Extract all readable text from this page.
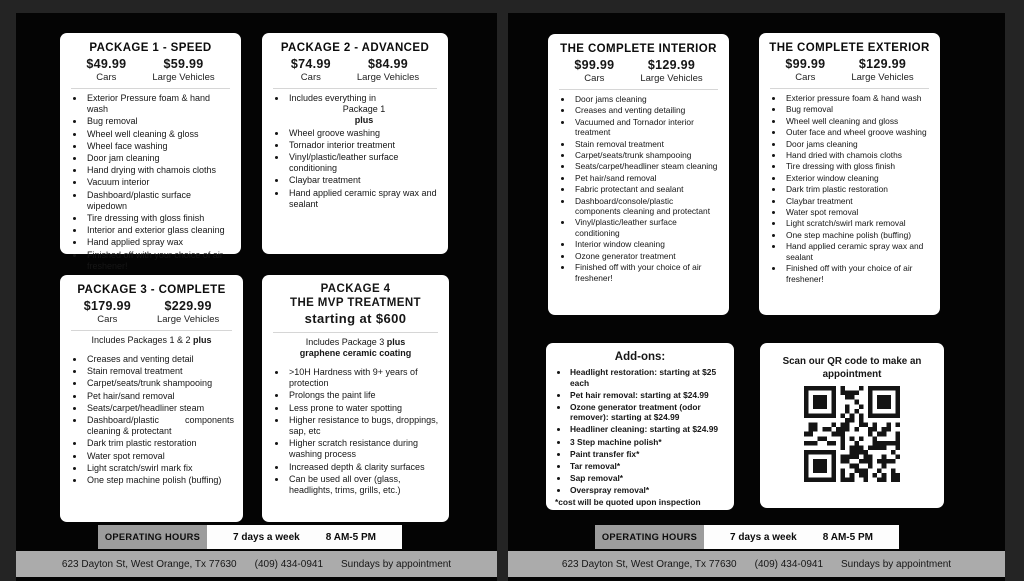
PACKAGE 1 - SPEED
$49.99
Cars
$59.99
Large Vehicles
• Exterior Pressure foam & hand wash
• Bug removal
• Wheel well cleaning & gloss
• Wheel face washing
• Door jam cleaning
• Hand drying with chamois cloths
• Vacuum interior
• Dashboard/plastic surface wipedown
• Tire dressing with gloss finish
• Interior and exterior glass cleaning
• Hand applied spray wax
• Finished off with your choice of air freshener!
PACKAGE 2 - ADVANCED
$74.99
Cars
$84.99
Large Vehicles
• Includes everything in
Package 1
plus
• Wheel groove washing
• Tornador interior treatment
• Vinyl/plastic/leather surface conditioning
• Claybar treatment
• Hand applied ceramic spray wax and sealant
PACKAGE 3 - COMPLETE
$179.99
Cars
$229.99
Large Vehicles
Includes Packages 1 & 2 plus
• Creases and venting detail
• Stain removal treatment
• Carpet/seats/trunk shampooing
• Pet hair/sand removal
• Seats/carpet/headliner steam
• Dashboard/plastic components cleaning & protectant
• Dark trim plastic restoration
• Water spot removal
• Light scratch/swirl mark fix
• One step machine polish (buffing)
PACKAGE 4
THE MVP TREATMENT
starting at $600
Includes Package 3 plus
graphene ceramic coating
• >10H Hardness with 9+ years of protection
• Prolongs the paint life
• Less prone to water spotting
• Higher resistance to bugs, droppings, sap, etc
• Higher scratch resistance during washing process
• Increased depth & clarity surfaces
• Can be used all over (glass, headlights, trims, grills, etc.)
OPERATING HOURS	7 days a week	8 AM-5 PM
623 Dayton St, West Orange, Tx 77630 (409) 434-0941 Sundays by appointment
THE COMPLETE INTERIOR
$99.99
Cars
$129.99
Large Vehicles
• Door jams cleaning
• Creases and venting detailing
• Vacuumed and Tornador interior treatment
• Stain removal treatment
• Carpet/seats/trunk shampooing
• Seats/carpet/headliner steam cleaning
• Pet hair/sand removal
• Fabric protectant and sealant
• Dashboard/console/plastic components cleaning and protectant
• Vinyl/plastic/leather surface conditioning
• Interior window cleaning
• Ozone generator treatment
• Finished off with your choice of air freshener!
THE COMPLETE EXTERIOR
$99.99
Cars
$129.99
Large Vehicles
• Exterior pressure foam & hand wash
• Bug removal
• Wheel well cleaning and gloss
• Outer face and wheel groove washing
• Door jams cleaning
• Hand dried with chamois cloths
• Tire dressing with gloss finish
• Exterior window cleaning
• Dark trim plastic restoration
• Claybar treatment
• Water spot removal
• Light scratch/swirl mark removal
• One step machine polish (buffing)
• Hand applied ceramic spray wax and sealant
• Finished off with your choice of air freshener!
Add-ons:
• Headlight restoration: starting at $25 each
• Pet hair removal: starting at $24.99
• Ozone generator treatment (odor remover): starting at $24.99
• Headliner cleaning: starting at $24.99
• 3 Step machine polish*
• Paint transfer fix*
• Tar removal*
• Sap removal*
• Overspray removal*
*cost will be quoted upon inspection
Scan our QR code to make an appointment
OPERATING HOURS	7 days a week	8 AM-5 PM
623 Dayton St, West Orange, Tx 77630 (409) 434-0941 Sundays by appointment
